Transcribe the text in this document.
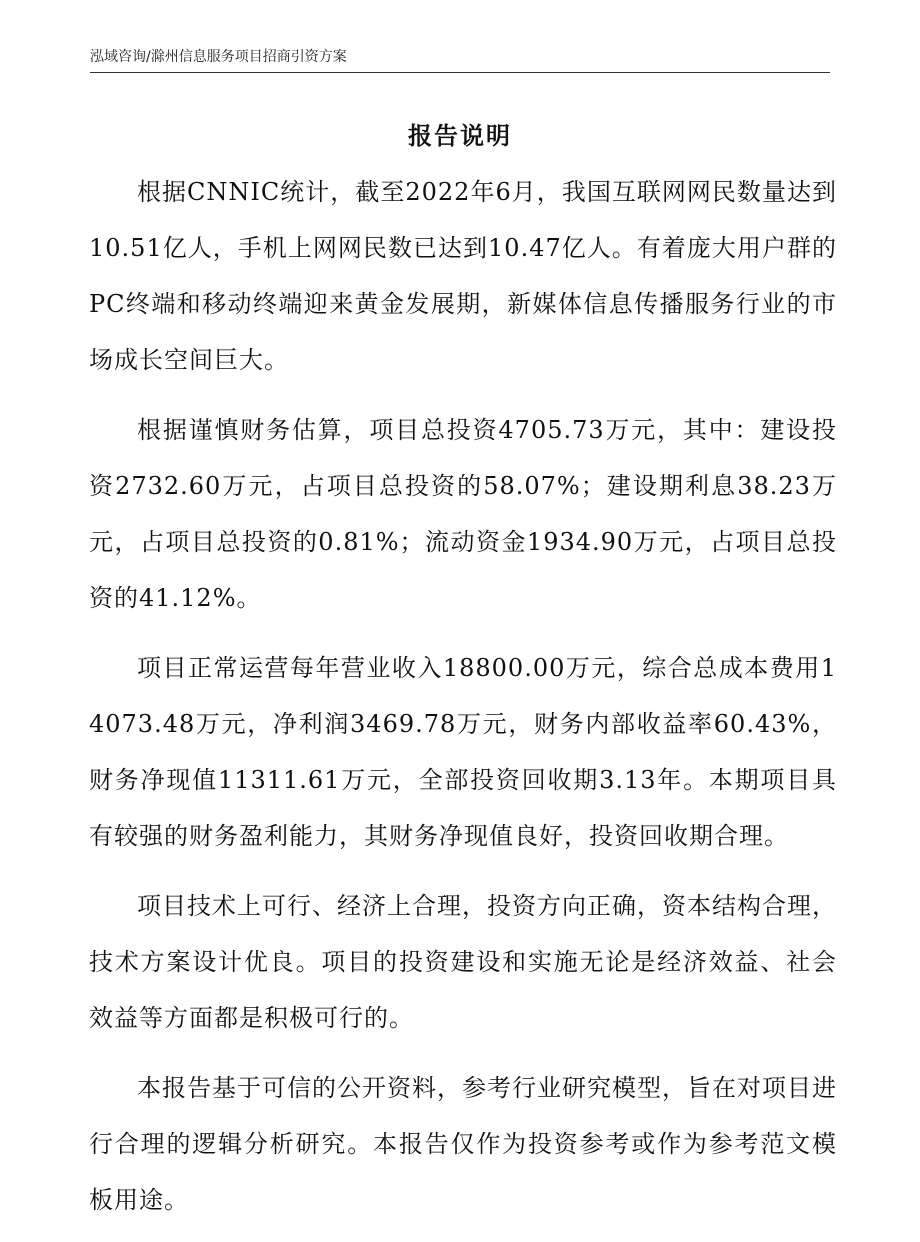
泓域咨询/滁州信息服务项目招商引资方案
报告说明

根据CNNIC统计，截至2022年6月，我国互联网网民数量达到10.51亿人，手机上网网民数已达到10.47亿人。有着庞大用户群的PC终端和移动终端迎来黄金发展期，新媒体信息传播服务行业的市场成长空间巨大。

根据谨慎财务估算，项目总投资4705.73万元，其中：建设投资2732.60万元，占项目总投资的58.07%；建设期利息38.23万元，占项目总投资的0.81%；流动资金1934.90万元，占项目总投资的41.12%。

项目正常运营每年营业收入18800.00万元，综合总成本费用14073.48万元，净利润3469.78万元，财务内部收益率60.43%，财务净现值11311.61万元，全部投资回收期3.13年。本期项目具有较强的财务盈利能力，其财务净现值良好，投资回收期合理。

项目技术上可行、经济上合理，投资方向正确，资本结构合理，技术方案设计优良。项目的投资建设和实施无论是经济效益、社会效益等方面都是积极可行的。

本报告基于可信的公开资料，参考行业研究模型，旨在对项目进行合理的逻辑分析研究。本报告仅作为投资参考或作为参考范文模板用途。
